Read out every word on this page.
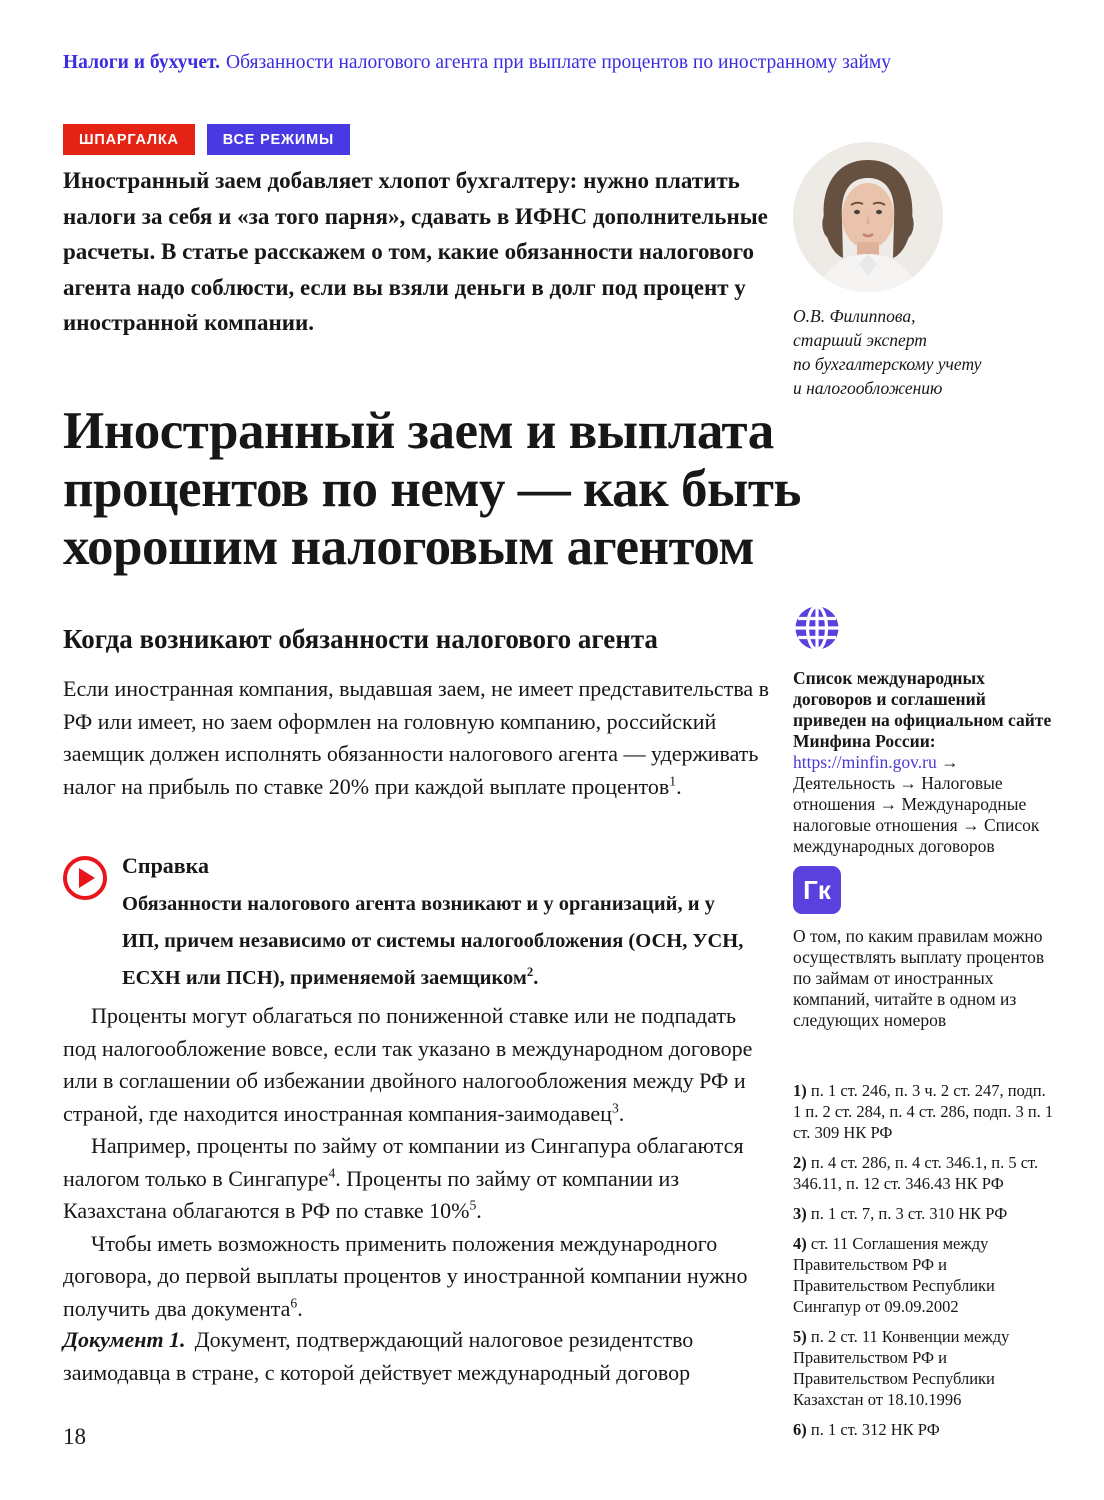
Налоги и бухучет. Обязанности налогового агента при выплате процентов по иностранному займу
ШПАРГАЛКА	ВСЕ РЕЖИМЫ
Иностранный заем добавляет хлопот бухгалтеру: нужно платить налоги за себя и «за того парня», сдавать в ИФНС дополнительные расчеты. В статье расскажем о том, какие обязанности налогового агента надо соблюсти, если вы взяли деньги в долг под процент у иностранной компании.	О.В. Филиппова,
старший эксперт
по бухгалтерскому учету
и налогообложению
Иностранный заем и выплата
процентов по нему — как быть
хорошим налоговым агентом
Когда возникают обязанности налогового агента

Если иностранная компания, выдавшая заем, не имеет представительства в РФ или имеет, но заем оформлен на головную компанию, российский заемщик должен исполнять обязанности налогового агента — удерживать налог на прибыль по ставке 20% при каждой выплате процентов$^1$.

Справка

Обязанности налогового агента возникают и у организаций, и у ИП, причем независимо от системы налогообложения (ОСН, УСН, ЕСХН или ПСН), применяемой заемщиком$^2$.

Проценты могут облагаться по пониженной ставке или не подпадать под налогообложение вовсе, если так указано в международном договоре или в соглашении об избежании двойного налогообложения между РФ и страной, где находится иностранная компания-заимодавец$^3$.

Например, проценты по займу от компании из Сингапура облагаются налогом только в Сингапуре$^4$. Проценты по займу от компании из Казахстана облагаются в РФ по ставке 10%$^5$.

Чтобы иметь возможность применить положения международного договора, до первой выплаты процентов у иностранной компании нужно получить два документа$^6$.

Документ 1. Документ, подтверждающий налоговое резидентство заимодавца в стране, с которой действует международный договор

Список международных договоров и соглашений приведен на официальном сайте Минфина России:
https://minfin.gov.ru →
Деятельность → Налоговые отношения → Международные налоговые отношения → Список международных договоров
Гк
О том, по каким правилам можно осуществлять выплату процентов по займам от иностранных компаний, читайте в одном из следующих номеров
1) п. 1 ст. 246, п. 3 ч. 2 ст. 247, подп. 1 п. 2 ст. 284, п. 4 ст. 286, подп. 3 п. 1 ст. 309 НК РФ
2) п. 4 ст. 286, п. 4 ст. 346.1, п. 5 ст. 346.11, п. 12 ст. 346.43 НК РФ
3) п. 1 ст. 7, п. 3 ст. 310 НК РФ
4) ст. 11 Соглашения между Правительством РФ и Правительством Республики Сингапур от 09.09.2002
5) п. 2 ст. 11 Конвенции между Правительством РФ и Правительством Республики Казахстан от 18.10.1996
6) п. 1 ст. 312 НК РФ
18
